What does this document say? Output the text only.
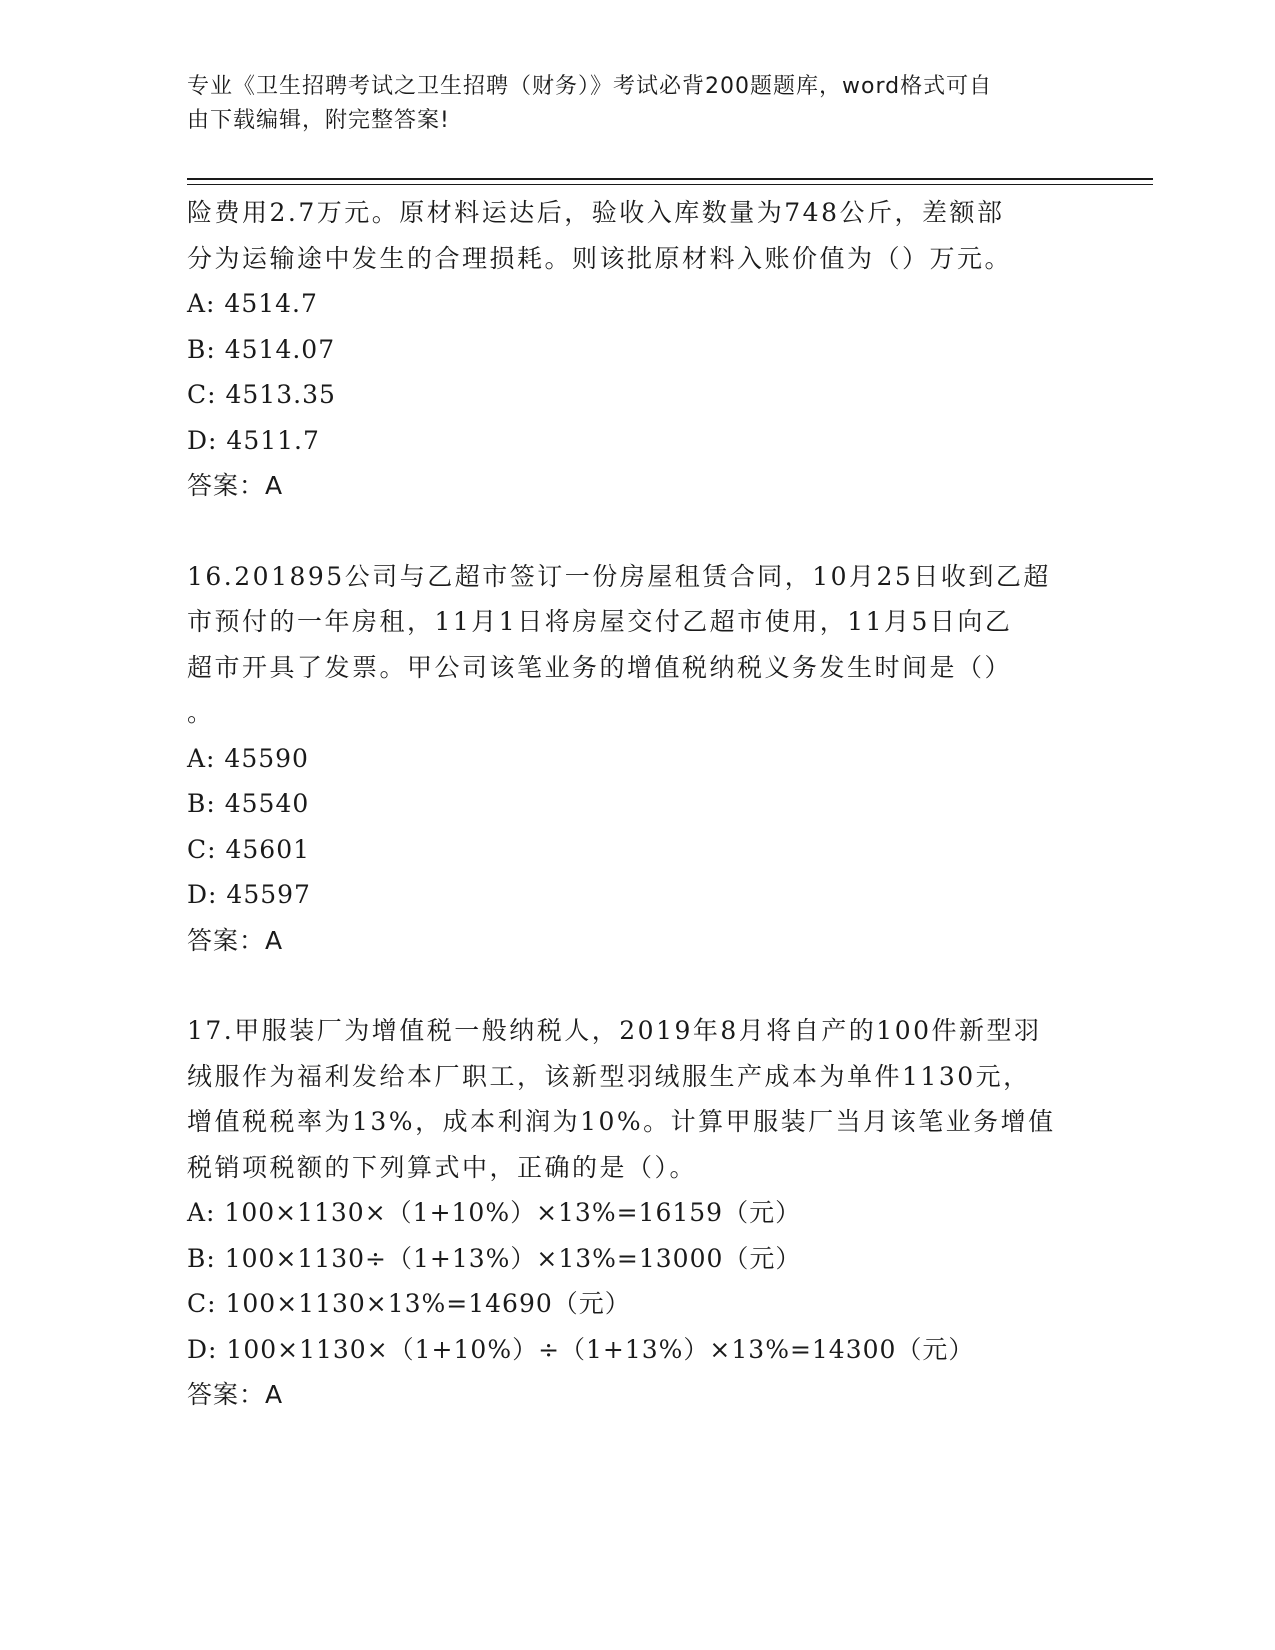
专业《卫生招聘考试之卫生招聘（财务）》考试必背200题题库，word格式可自
由下载编辑，附完整答案!

险费用2.7万元。原材料运达后，验收入库数量为748公斤，差额部
分为运输途中发生的合理损耗。则该批原材料入账价值为（）万元。

A: 4514.7
B: 4514.07
C: 4513.35
D: 4511.7
答案：A

16.201895公司与乙超市签订一份房屋租赁合同，10月25日收到乙超
市预付的一年房租，11月1日将房屋交付乙超市使用，11月5日向乙
超市开具了发票。甲公司该笔业务的增值税纳税义务发生时间是（）
。

A: 45590
B: 45540
C: 45601
D: 45597
答案：A

17.甲服装厂为增值税一般纳税人，2019年8月将自产的100件新型羽
绒服作为福利发给本厂职工，该新型羽绒服生产成本为单件1130元，
增值税税率为13%，成本利润为10%。计算甲服装厂当月该笔业务增值
税销项税额的下列算式中，正确的是（）。

A: 100×1130×（1+10%）×13%=16159（元）
B: 100×1130÷（1+13%）×13%=13000（元）
C: 100×1130×13%=14690（元）
D: 100×1130×（1+10%）÷（1+13%）×13%=14300（元）
答案：A
